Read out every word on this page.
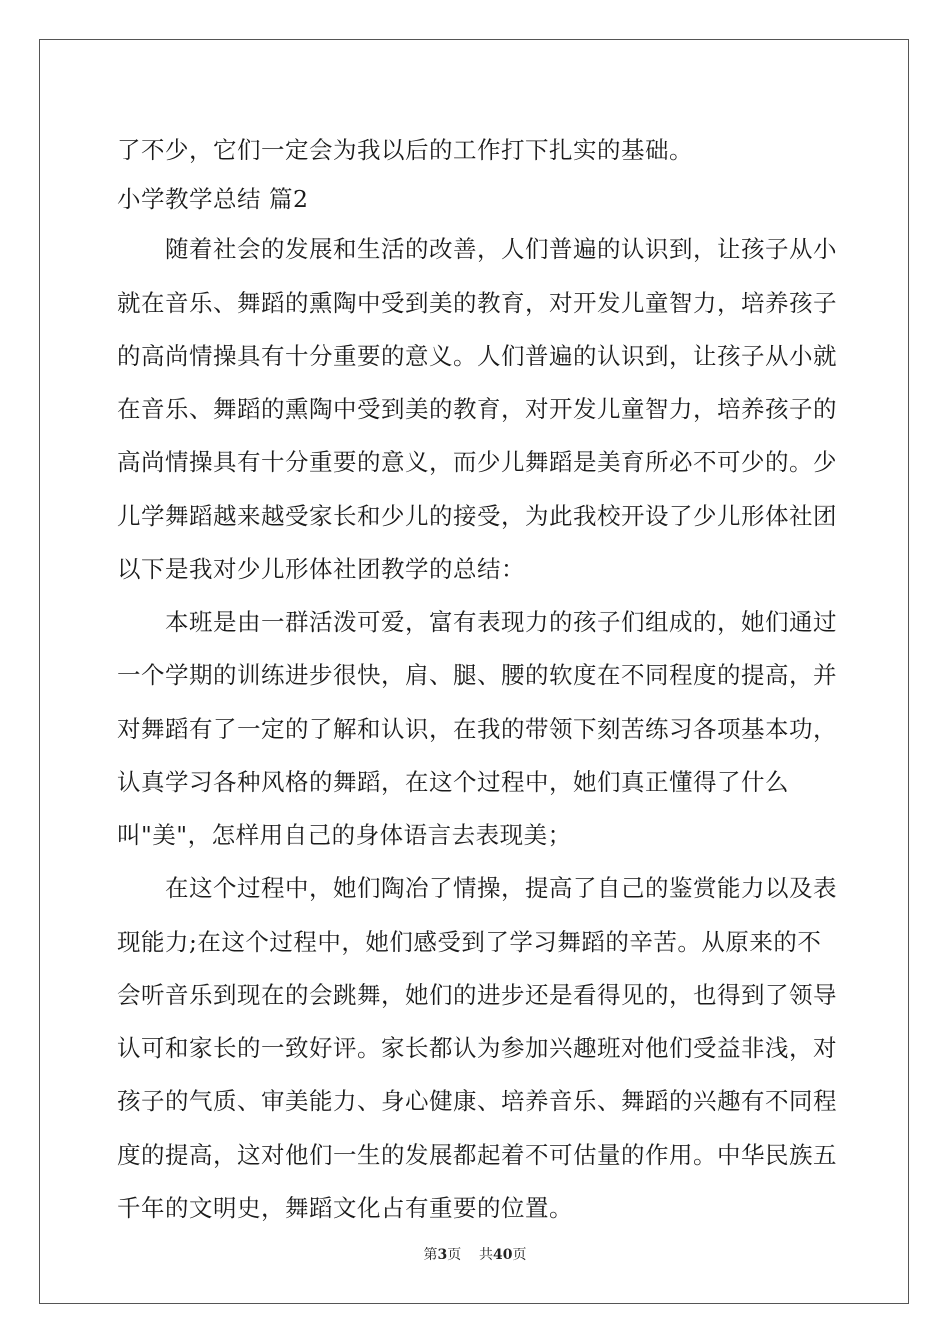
了不少，它们一定会为我以后的工作打下扎实的基础。
小学教学总结 篇2
　　随着社会的发展和生活的改善，人们普遍的认识到，让孩子从小
就在音乐、舞蹈的熏陶中受到美的教育，对开发儿童智力，培养孩子
的高尚情操具有十分重要的意义。人们普遍的认识到，让孩子从小就
在音乐、舞蹈的熏陶中受到美的教育，对开发儿童智力，培养孩子的
高尚情操具有十分重要的意义，而少儿舞蹈是美育所必不可少的。少
儿学舞蹈越来越受家长和少儿的接受，为此我校开设了少儿形体社团
以下是我对少儿形体社团教学的总结：
　　本班是由一群活泼可爱，富有表现力的孩子们组成的，她们通过
一个学期的训练进步很快，肩、腿、腰的软度在不同程度的提高，并
对舞蹈有了一定的了解和认识，在我的带领下刻苦练习各项基本功，
认真学习各种风格的舞蹈，在这个过程中，她们真正懂得了什么
叫"美"，怎样用自己的身体语言去表现美；
　　在这个过程中，她们陶冶了情操，提高了自己的鉴赏能力以及表
现能力;在这个过程中，她们感受到了学习舞蹈的辛苦。从原来的不
会听音乐到现在的会跳舞，她们的进步还是看得见的，也得到了领导
认可和家长的一致好评。家长都认为参加兴趣班对他们受益非浅，对
孩子的气质、审美能力、身心健康、培养音乐、舞蹈的兴趣有不同程
度的提高，这对他们一生的发展都起着不可估量的作用。中华民族五
千年的文明史，舞蹈文化占有重要的位置。
第3页 共40页
